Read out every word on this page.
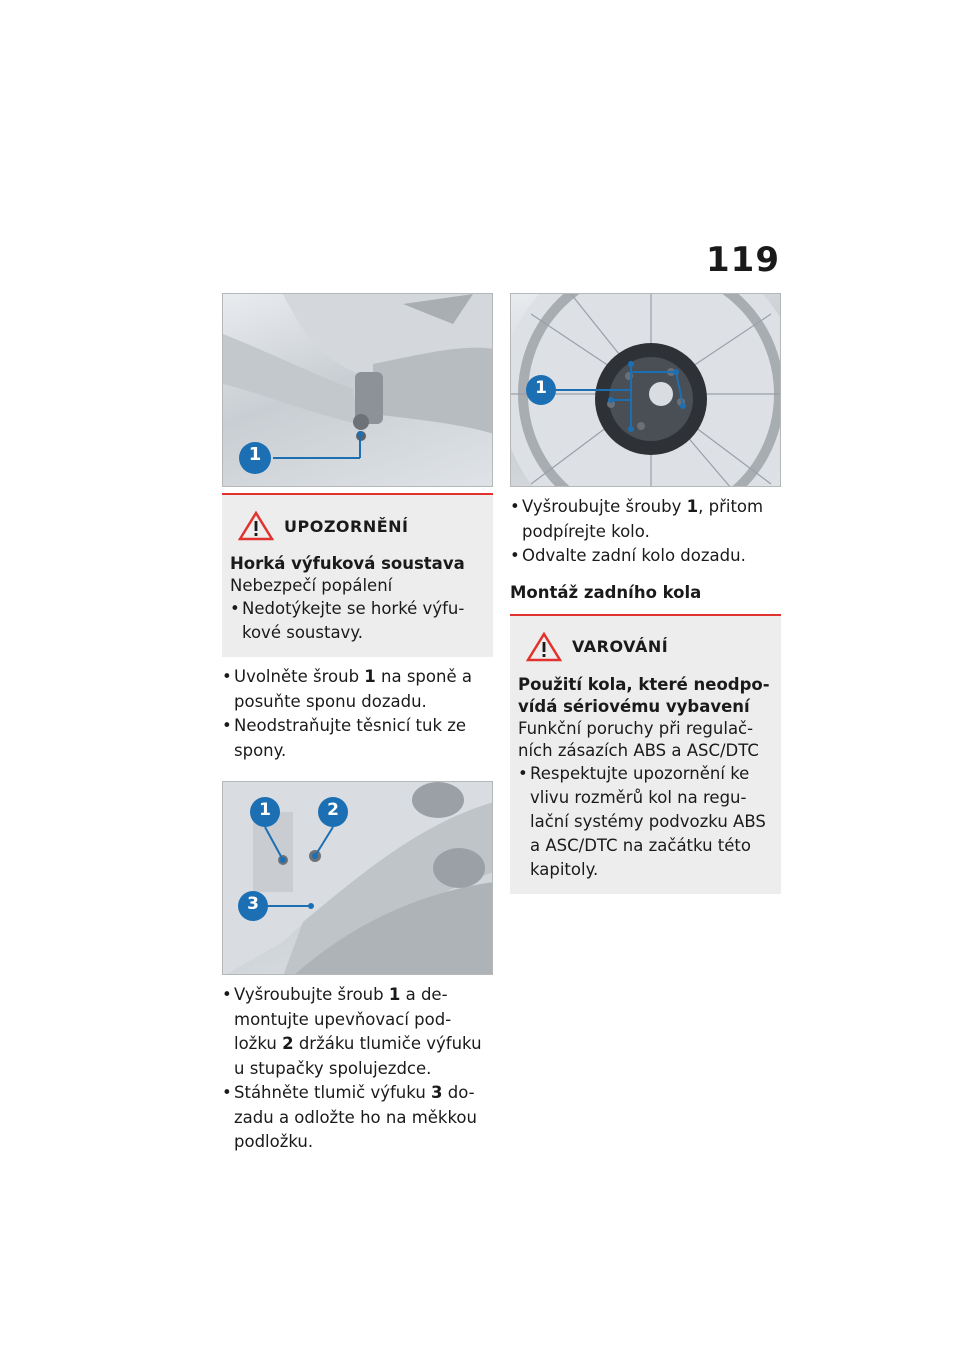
119
1
UPOZORNĚNÍ
Horká výfuková soustava
Nebezpečí popálení
• Nedotýkejte se horké výfu-kové soustavy.
• Uvolněte šroub 1 na sponě a posuňte sponu dozadu.
• Neodstraňujte těsnicí tuk ze spony.
1	2
3
• Vyšroubujte šroub 1 a de-montujte upevňovací pod-ložku 2 držáku tlumiče výfuku u stupačky spolujezdce.
• Stáhněte tlumič výfuku 3 do-zadu a odložte ho na měkkou podložku.
1
• Vyšroubujte šrouby 1, přitom podpírejte kolo.
• Odvalte zadní kolo dozadu.
Montáž zadního kola
VAROVÁNÍ
Použití kola, které neodpo-vídá sériovému vybavení
Funkční poruchy při regulač-ních zásazích ABS a ASC/DTC
• Respektujte upozornění ke vlivu rozměrů kol na regu-lační systémy podvozku ABS a ASC/DTC na začátku této kapitoly.
